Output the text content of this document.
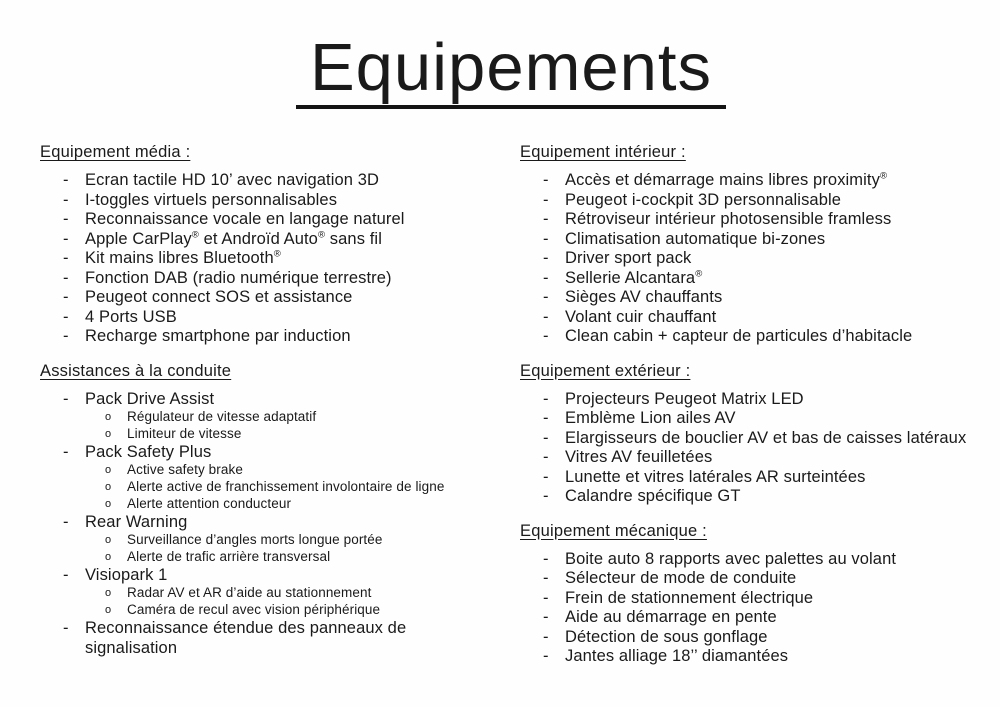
Equipements
Equipement média :
- Ecran tactile HD 10’ avec navigation 3D
- I-toggles virtuels personnalisables
- Reconnaissance vocale en langage naturel
- Apple CarPlay® et Androïd Auto® sans fil
- Kit mains libres Bluetooth®
- Fonction DAB (radio numérique terrestre)
- Peugeot connect SOS et assistance
- 4 Ports USB
- Recharge smartphone par induction
Assistances à la conduite
- Pack Drive Assist
o	Régulateur de vitesse adaptatif
o	Limiteur de vitesse
- Pack Safety Plus
o	Active safety brake
o	Alerte active de franchissement involontaire de ligne
o	Alerte attention conducteur
- Rear Warning
o	Surveillance d’angles morts longue portée
o	Alerte de trafic arrière transversal
- Visiopark 1
o	Radar AV et AR d’aide au stationnement
o	Caméra de recul avec vision périphérique
- Reconnaissance étendue des panneaux de signalisation
Equipement intérieur :
- Accès et démarrage mains libres proximity®
- Peugeot i-cockpit 3D personnalisable
- Rétroviseur intérieur photosensible framless
- Climatisation automatique bi-zones
- Driver sport pack
- Sellerie Alcantara®
- Sièges AV chauffants
- Volant cuir chauffant
- Clean cabin + capteur de particules d’habitacle
Equipement extérieur :
- Projecteurs Peugeot Matrix LED
- Emblème Lion ailes AV
- Elargisseurs de bouclier AV et bas de caisses latéraux
- Vitres AV feuilletées
- Lunette et vitres latérales AR surteintées
- Calandre spécifique GT
Equipement mécanique :
- Boite auto 8 rapports avec palettes au volant
- Sélecteur de mode de conduite
- Frein de stationnement électrique
- Aide au démarrage en pente
- Détection de sous gonflage
- Jantes alliage 18’’ diamantées
